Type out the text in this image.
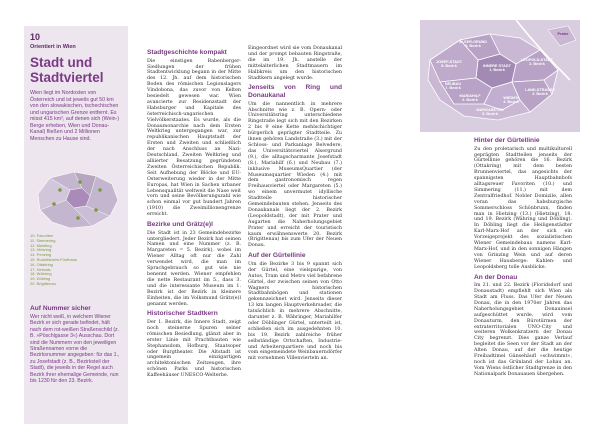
10
Orientiert in Wien
Stadt und Stadtviertel

Wien liegt im Nordosten von Österreich und ist jeweils gut 50 km von den slowakischen, tschechischen und ungarischen Grenze entfernt. Es misst 415 km², auf denen sich (Wein-) Berge erheben, Wien und Donau-Kanal) fließen und 2 Millionen Menschen zu Hause sind.

10. Favoriten
11. Simmering
12. Meidling
13. Hietzing
14. Penzing
15. Rudolfsheim-Fünfhaus
16. Ottakring
17. Hernals
18. Währing
19. Döbling
20. Brigittenau
Auf Nummer sicher

Wer nicht weiß, in welchem Wiener Bezirk er sich gerade befindet, hält nach dem rot-weißen Straßenschild (z. B. »Pöschlgasse 3«) Ausschau. Dort sind die Nummern von den jeweiligen Straßennamen vorne die Bezirksnummer angegeben: für das 1., zu Josefstadt (z. B., Bezirksteil der Stadt), die jeweils in der Regel auch Bezirk ihrer ehemalige Gemeinde, nun bis 1230 für den 23. Bezirk.

Stadtgeschichte kompakt

Die einstigen Babenberger-Siedlungen der frühen Stadtentwicklung begann in der Mitte des 12. Jh. auf dem historischen Boden des römischen Legionslagers Vindobona, das zuvor von Kelten besiedelt gewesen war. Wien avancierte zur Residenzstadt der Habsburger und Kapitale des österreichisch-ungarischen Vielvölkerstaates. Es wurde, als die Donaumonarchie nach dem Ersten Weltkrieg untergegangen war, zur republikanischen Hauptstadt der Ersten und Zweiten und schließlich der nach Anschluss an Nazi-Deutschland, Zweiten Weltkrieg und alliierter Besatzung gegründeten Zweiten Österreichischen Republik. Seit Aufhebung der Blöcke und EU-Osterweiterung wieder in der Mitte Europas, hat Wien in Sachen urbaner Lebensqualität weltweit die Nase weit vorn und seine Bevölkerungszahl wie schon einmal vor gut hundert Jahren (1910) die Zweimillionengrenze erreicht.

Bezirke und Grätz(e)l

Die Stadt ist in 23 Gemeindebezirke untergliedert. Jeder Bezirk hat seinen Namen und eine Nummer (z. B. Margareten = 5. Bezirk), wobei im Wiener Alltag oft nur die Zahl verwendet wird, die man im Sprachgebrauch so gut wie nie benennt werden. Wiener empfehlen die nette Restaurant im 5., dass 3. und die interessante Museum im 1. Bezirk ist der Bezirk in kleinere Einheiten, die im Volksmund Grätz(e)l genannt werden.

Historischer Stadtkern

Der 1. Bezirk, die Innere Stadt, zeigt noch steinerne Spuren seiner römischen Besiedlung, glänzt aber in erster Linie mit Prachtbauten wie Stephansdom, Hofburg, Staatsoper oder Burgtheater. Die Altstadt ist ungemein einzigartigen architektonischen Zeitzeugen, ihre schönen Parks und historischen Kaffeehäuser UNESCO-Welterbe.

Eingeordnet wird sie vom Donaukanal und der prompt bebauten Ringstraße, die im 19. Jh. anstelle der mittelalterlichen Stadtmauern im Halbkreis um den historischen Stadtkern angelegt wurde.

Jenseits von Ring und Donaukanal

Um die nannentlich in mehrere Abschnitte wie z. B. Opern- oder Universitätsring unterschiedene Ringstraße legt sich mit den Bezirken 2 bis 9 eine Kette mehlschichtiger bürgerlich geprägter Stadtteile. Zu ihnen gehören Landstraße (3.) mit der Schloss- und Parkanlage Belvedere, das Universitätsviertel Alsergrund (9.), die alltagscharmante Josefstadt (8.), Mariahilf (6.) und Neubau (7.) inklusive MuseumsQuartier (der Museumsquartier Wieden (4.) mit dem gastronomisch regen Freihausviertel oder Margareten (5.) wo einem unvermutet idyllische Stadtteile historischer Gemeindebauten stehen. Jenseits des Donaukanals liegt der 2. Bezirk (Leopoldstadt), der mit Prater und Augarten die Naherholungsgebiet Prater und erreicht der touristisch kaum erwähnenswerte 20. Bezirk (Brigittenau) bis zum Ufer der Neuen Donau.

Auf der Gürtellinie

Um die Bezirke 3 bis 9 spannt sich der Gürtel, eine vielspurige, von Autos, Tram und Metro viel befahrene Gürtel, der zwischen seinen von Otto Wagners historischen Stadtbahnbögen und stationen gekennzeichnet wird. Jenseits dieser 13 km langen Hauptverkehrsader, die tatsächlich in mehrere Abschnitte, darunter z. B. Währinger, Mariahilfer oder Döblinger Gürtel, unterteilt ist, schließen sich im ausgedehnten 10. bis 19. Bezirk zahlreiche früher selbständige Ortschaften, Industrie- und Arbeiterquartiere und noch bis vom eingemeindete Weinbauerndörfer mit vornehmen Villenvierteln an.

ALSER-GRUND
9. Bezirk
JOSEF-STADT
8. Bezirk	INNERE STADT
1. Bezirk
LEOPOLD-STADT
2. Bezirk
NEUBAU
7. Bezirk
MARIAHILF
6. Bezirk
MARGARETEN
5. Bezirk
WIEDEN
4. Bezirk
LAND-STRASSE
3. Bezirk
Prater
Hinter der Gürtellinie

Zu den proletarisch und multikulturell geprägten Stadtteilen jenseits der Gürtellinie gehören die 16. Bezirk (Ottakring) mit dem besten Brunnenviertel, das angesichts der spannigsten Hauptbahnhofs alltagsreuer Favoriten (10.) und Simmering (11.) mit dem Zentralfriedhof. Nobler Domizile, allen voran das habsburgische Sommerschloss Schönbrunn, finden man in Hietzing (13.) (Hietzing), 18. und 19. Bezirk (Währing und Döbling). In Döbling liegt die Heiligenstädter Karl-Marx-Hof an der sich ein Vorzeigeprojekt des sozialistischen Wiener Gemeindebaus namens Karl-Marx-Hof, und in den sonnigen Hängen von Grinzing Wein und auf deren Wiener Hausberge: Kahlen- und Leopoldsberg tolle Ausblicke.

An der Donau

Im 21. und 22. Bezirk (Floridsdorf und Donaustadt) empfiehlt sich Wien als Stadt am Fluss. Das Ufer der Neuen Donau, die in den 1970er Jahren das Naherholungsgebiet Donauinsel aufgeschüttet wurde, wird vom Donauturm, den Bürotürmen der extraterritorialen UNO-City und weiteren Wolkenkratzern der Donau City begrenzt. Dies ganze Verlauf begleitet die Seen vor der Stadt an der Alten Donau, auf der die heutige Freibadtimel Gänsehäufl »schwimmt«, noch ist das Grünland der Lobau an. Vom Wiens östlicher Stadtgrenze in den Nationalpark Donauauen übergehen.
